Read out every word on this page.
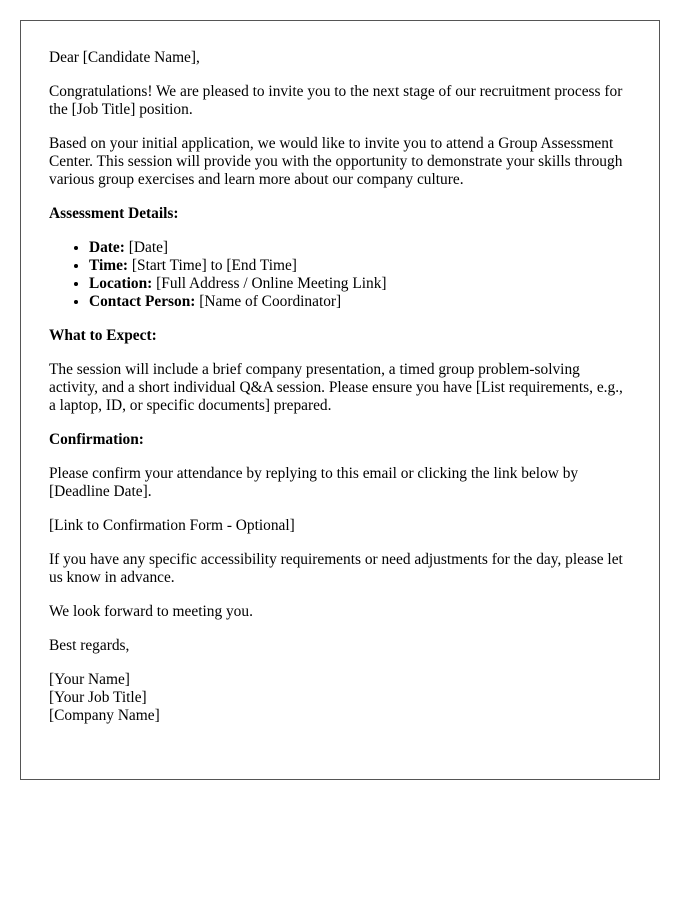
Dear [Candidate Name],

Congratulations! We are pleased to invite you to the next stage of our recruitment process for the [Job Title] position.

Based on your initial application, we would like to invite you to attend a Group Assessment Center. This session will provide you with the opportunity to demonstrate your skills through various group exercises and learn more about our company culture.

Assessment Details:

• Date: [Date]
• Time: [Start Time] to [End Time]
• Location: [Full Address / Online Meeting Link]
• Contact Person: [Name of Coordinator]

What to Expect:

The session will include a brief company presentation, a timed group problem-solving activity, and a short individual Q&A session. Please ensure you have [List requirements, e.g., a laptop, ID, or specific documents] prepared.

Confirmation:

Please confirm your attendance by replying to this email or clicking the link below by [Deadline Date].

[Link to Confirmation Form - Optional]

If you have any specific accessibility requirements or need adjustments for the day, please let us know in advance.

We look forward to meeting you.

Best regards,

[Your Name]
[Your Job Title]
[Company Name]
